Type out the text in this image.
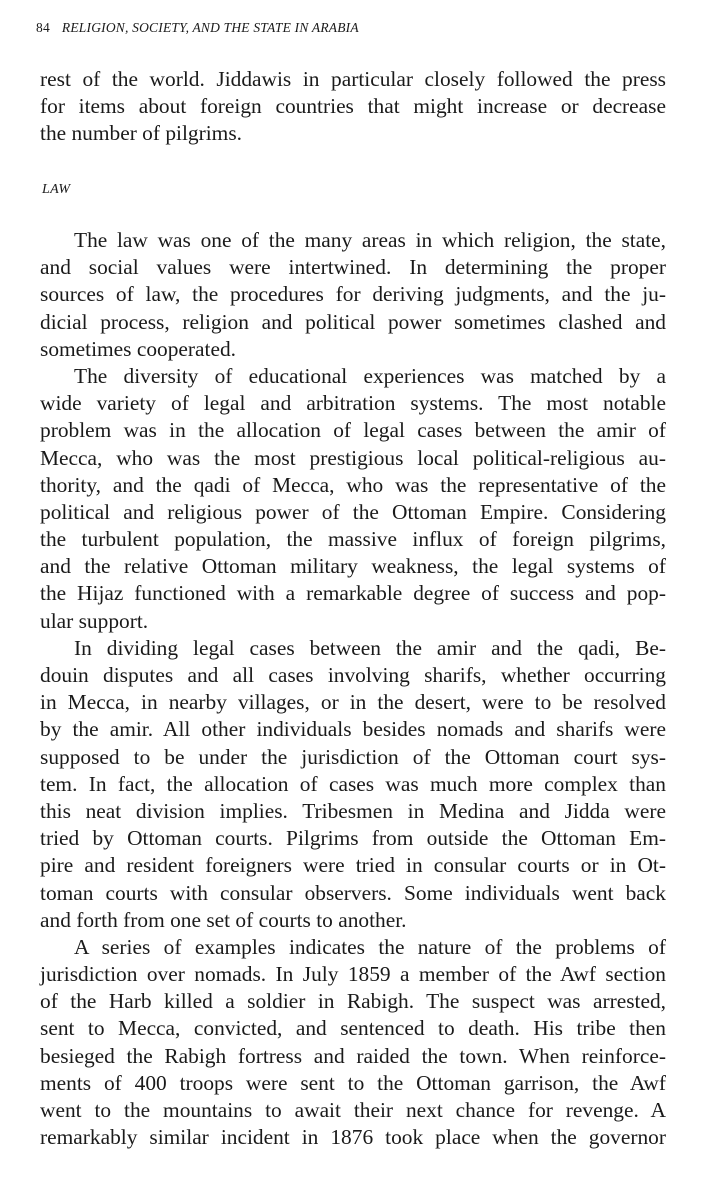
84 RELIGION, SOCIETY, AND THE STATE IN ARABIA
rest of the world. Jiddawis in particular closely followed the press
for items about foreign countries that might increase or decrease
the number of pilgrims.
LAW
The law was one of the many areas in which religion, the state,
and social values were intertwined. In determining the proper
sources of law, the procedures for deriving judgments, and the ju-
dicial process, religion and political power sometimes clashed and
sometimes cooperated.
The diversity of educational experiences was matched by a
wide variety of legal and arbitration systems. The most notable
problem was in the allocation of legal cases between the amir of
Mecca, who was the most prestigious local political-religious au-
thority, and the qadi of Mecca, who was the representative of the
political and religious power of the Ottoman Empire. Considering
the turbulent population, the massive influx of foreign pilgrims,
and the relative Ottoman military weakness, the legal systems of
the Hijaz functioned with a remarkable degree of success and pop-
ular support.
In dividing legal cases between the amir and the qadi, Be-
douin disputes and all cases involving sharifs, whether occurring
in Mecca, in nearby villages, or in the desert, were to be resolved
by the amir. All other individuals besides nomads and sharifs were
supposed to be under the jurisdiction of the Ottoman court sys-
tem. In fact, the allocation of cases was much more complex than
this neat division implies. Tribesmen in Medina and Jidda were
tried by Ottoman courts. Pilgrims from outside the Ottoman Em-
pire and resident foreigners were tried in consular courts or in Ot-
toman courts with consular observers. Some individuals went back
and forth from one set of courts to another.
A series of examples indicates the nature of the problems of
jurisdiction over nomads. In July 1859 a member of the Awf section
of the Harb killed a soldier in Rabigh. The suspect was arrested,
sent to Mecca, convicted, and sentenced to death. His tribe then
besieged the Rabigh fortress and raided the town. When reinforce-
ments of 400 troops were sent to the Ottoman garrison, the Awf
went to the mountains to await their next chance for revenge. A
remarkably similar incident in 1876 took place when the governor
